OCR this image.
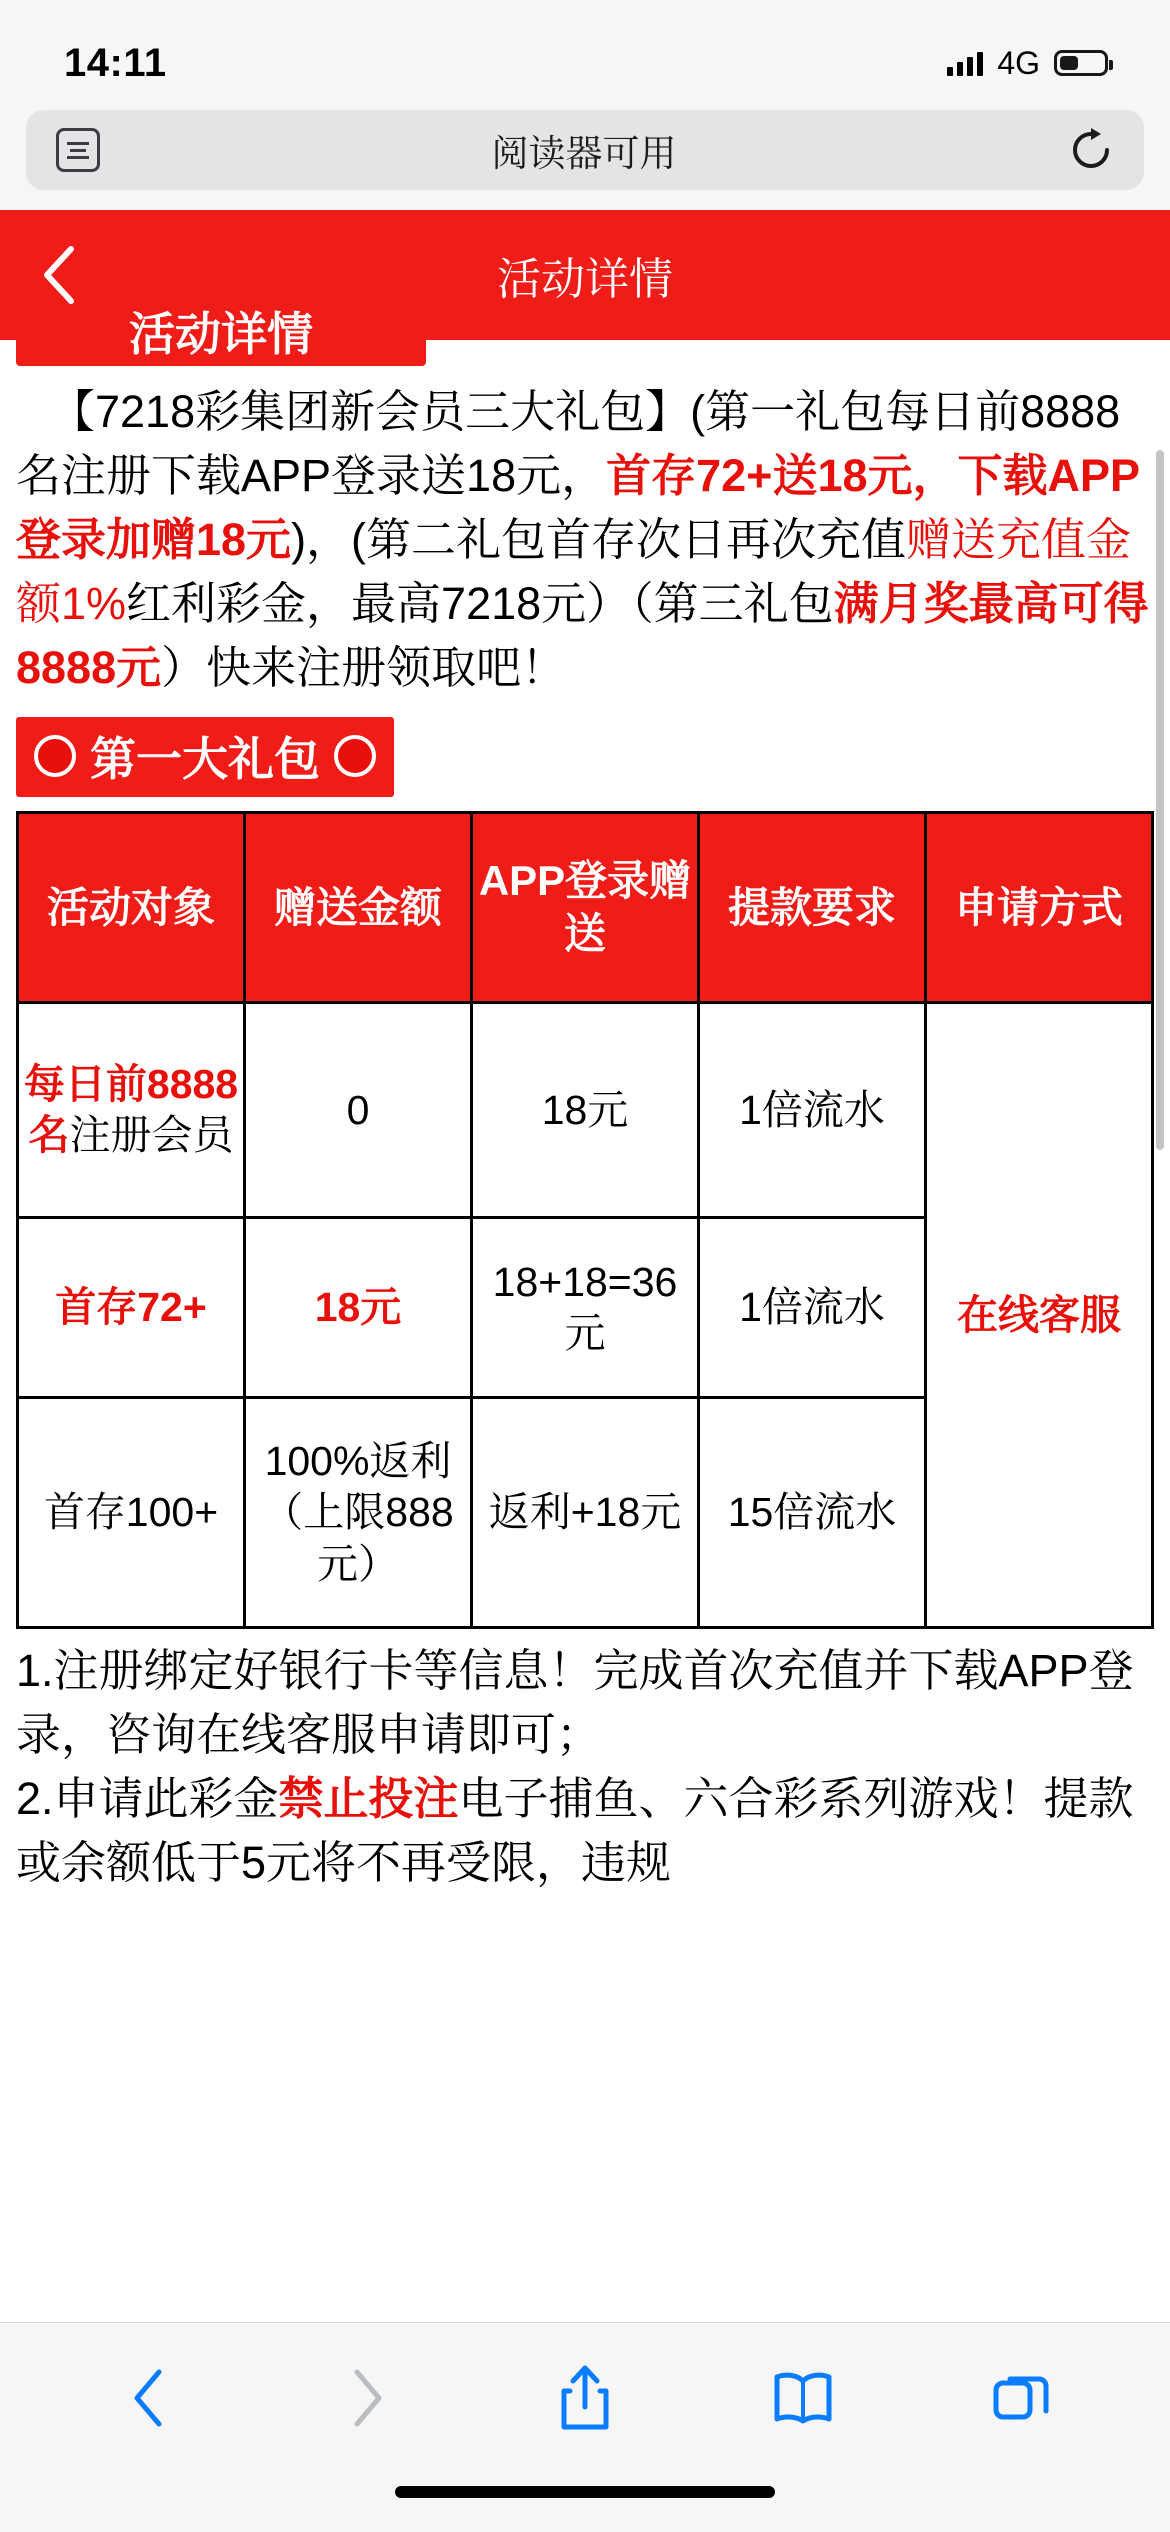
14:11	4G
阅读器可用
活动详情
活动详情

【7218彩集团新会员三大礼包】(第一礼包每日前8888名注册下载APP登录送18元，首存72+送18元，下载APP登录加赠18元)，(第二礼包首存次日再次充值赠送充值金额1%红利彩金，最高7218元）（第三礼包满月奖最高可得8888元）快来注册领取吧！

第一大礼包
活动对象	赠送金额	APP登录赠送	提款要求	申请方式
每日前8888名注册会员	0	18元	1倍流水	在线客服
首存72+	18元	18+18=36元	1倍流水	
首存100+	100%返利（上限888元）	返利+18元	15倍流水	
1.注册绑定好银行卡等信息！完成首次充值并下载APP登录，咨询在线客服申请即可；
2.申请此彩金禁止投注电子捕鱼、六合彩系列游戏！提款或余额低于5元将不再受限，违规
